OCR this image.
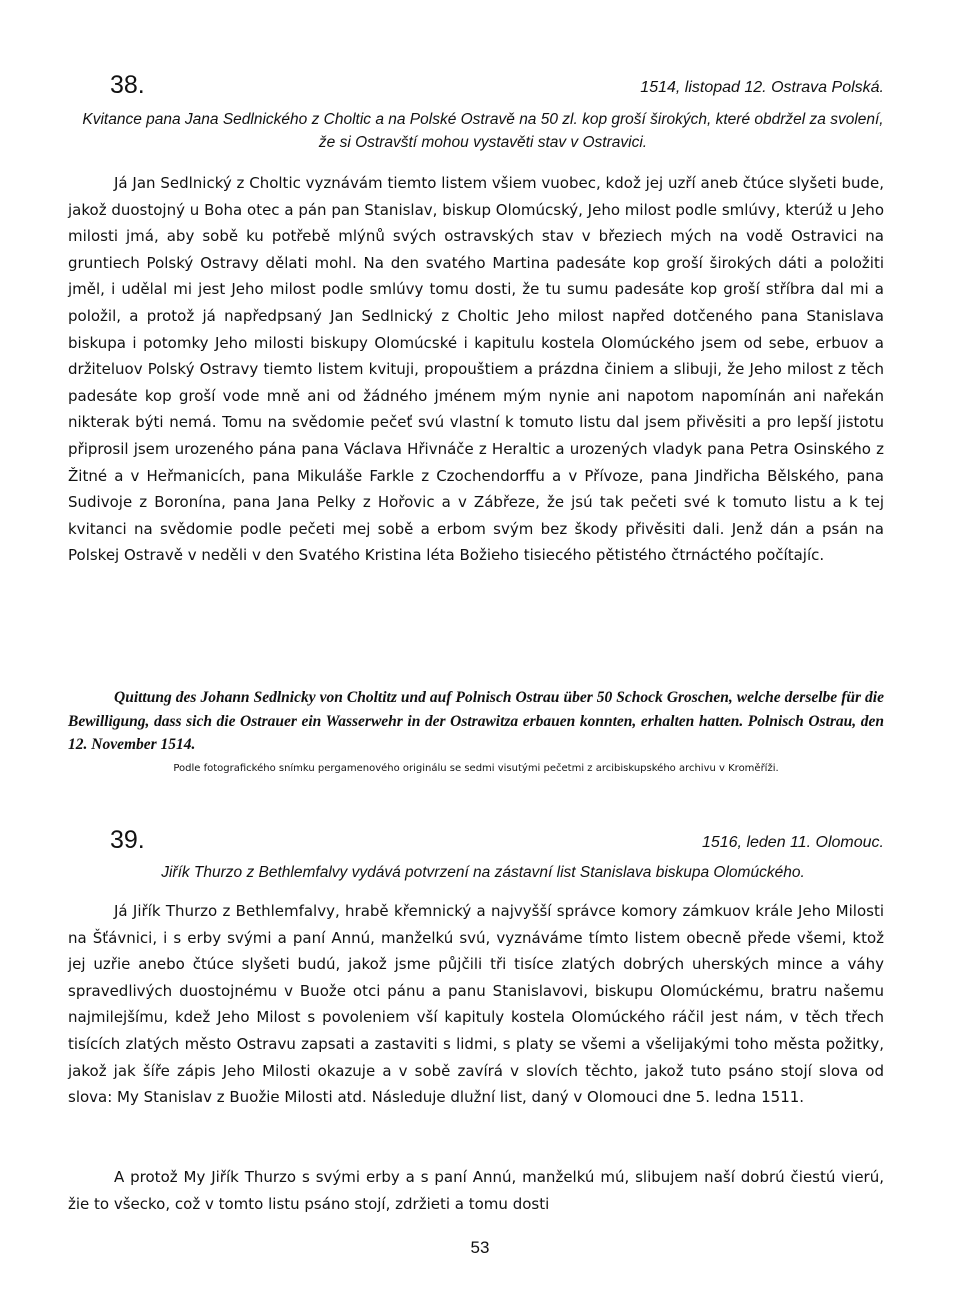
38.	1514, listopad 12. Ostrava Polská.

Kvitance pana Jana Sedlnického z Choltic a na Polské Ostravě na 50 zl. kop groší širokých, které obdržel za svolení, že si Ostravští mohou vystavěti stav v Ostravici.

Já Jan Sedlnický z Choltic vyznávám tiemto listem všiem vuobec, kdož jej uzří aneb čtúce slyšeti bude, jakož duostojný u Boha otec a pán pan Stanislav, biskup Olomúcský, Jeho milost podle smlúvy, kterúž u Jeho milosti jmá, aby sobě ku potřebě mlýnů svých ostravských stav v březiech mých na vodě Ostravici na gruntiech Polský Ostravy dělati mohl. Na den svatého Martina padesáte kop groší širokých dáti a položiti jměl, i udělal mi jest Jeho milost podle smlúvy tomu dosti, že tu sumu padesáte kop groší stříbra dal mi a položil, a protož já napředpsaný Jan Sedlnický z Choltic Jeho milost napřed dotčeného pana Stanislava biskupa i potomky Jeho milosti biskupy Olomúcské i kapitulu kostela Olomúckého jsem od sebe, erbuov a držiteluov Polský Ostravy tiemto listem kvituji, propouštiem a prázdna činiem a slibuji, že Jeho milost z těch padesáte kop groší vode mně ani od žádného jménem mým nynie ani napotom napomínán ani nařekán nikterak býti nemá. Tomu na svědomie pečeť svú vlastní k tomuto listu dal jsem přivěsiti a pro lepší jistotu připrosil jsem urozeného pána pana Václava Hřivnáče z Heraltic a urozených vladyk pana Petra Osinského z Žitné a v Heřmanicích, pana Mikuláše Farkle z Czochendorffu a v Přívoze, pana Jindřicha Bělského, pana Sudivoje z Boronína, pana Jana Pelky z Hořovic a v Zábřeze, že jsú tak pečeti své k tomuto listu a k tej kvitanci na svědomie podle pečeti mej sobě a erbom svým bez škody přivěsiti dali. Jenž dán a psán na Polskej Ostravě v neděli v den Svatého Kristina léta Božieho tisiecého pětistého čtrnáctého počítajíc.

Quittung des Johann Sedlnicky von Choltitz und auf Polnisch Ostrau über 50 Schock Groschen, welche derselbe für die Bewilligung, dass sich die Ostrauer ein Wasserwehr in der Ostrawitza erbauen konnten, erhalten hatten. Polnisch Ostrau, den 12. November 1514.

Podle fotografického snímku pergamenového originálu se sedmi visutými pečetmi z arcibiskupského archivu v Kroměříži.

39.	1516, leden 11. Olomouc.

Jiřík Thurzo z Bethlemfalvy vydává potvrzení na zástavní list Stanislava biskupa Olomúckého.

Já Jiřík Thurzo z Bethlemfalvy, hrabě křemnický a najvyšší správce komory zámkuov krále Jeho Milosti na Šťávnici, i s erby svými a paní Annú, manželkú svú, vyznáváme tímto listem obecně přede všemi, ktož jej uzřie anebo čtúce slyšeti budú, jakož jsme půjčili tři tisíce zlatých dobrých uherských mince a váhy spravedlivých duostojnému v Buože otci pánu a panu Stanislavovi, biskupu Olomúckému, bratru našemu najmilejšímu, kdež Jeho Milost s povoleniem vší kapituly kostela Olomúckého ráčil jest nám, v těch třech tisících zlatých město Ostravu zapsati a zastaviti s lidmi, s platy se všemi a všelijakými toho města požitky, jakož jak šíře zápis Jeho Milosti okazuje a v sobě zavírá v slovích těchto, jakož tuto psáno stojí slova od slova: My Stanislav z Buožie Milosti atd. Následuje dlužní list, daný v Olomouci dne 5. ledna 1511.

A protož My Jiřík Thurzo s svými erby a s paní Annú, manželkú mú, slibujem naší dobrú čiestú vierú, žie to všecko, což v tomto listu psáno stojí, zdržieti a tomu dosti

53
